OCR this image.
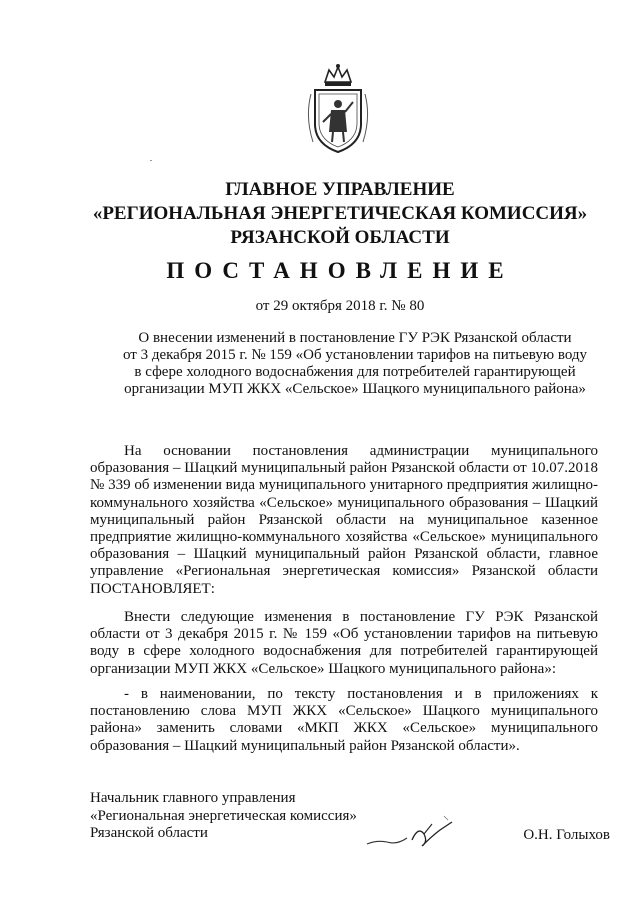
ГЛАВНОЕ УПРАВЛЕНИЕ
«РЕГИОНАЛЬНАЯ ЭНЕРГЕТИЧЕСКАЯ КОМИССИЯ»
РЯЗАНСКОЙ ОБЛАСТИ
ПОСТАНОВЛЕНИЕ
от 29 октября 2018 г. № 80
О внесении изменений в постановление ГУ РЭК Рязанской области
от 3 декабря 2015 г. № 159 «Об установлении тарифов на питьевую воду
в сфере холодного водоснабжения для потребителей гарантирующей
организации МУП ЖКХ «Сельское» Шацкого муниципального района»
На основании постановления администрации муниципального образования – Шацкий муниципальный район Рязанской области от 10.07.2018 № 339 об изменении вида муниципального унитарного предприятия жилищно-коммунального хозяйства «Сельское» муниципального образования – Шацкий муниципальный район Рязанской области на муниципальное казенное предприятие жилищно-коммунального хозяйства «Сельское» муниципального образования – Шацкий муниципальный район Рязанской области, главное управление «Региональная энергетическая комиссия» Рязанской области ПОСТАНОВЛЯЕТ:
Внести следующие изменения в постановление ГУ РЭК Рязанской области от 3 декабря 2015 г. № 159 «Об установлении тарифов на питьевую воду в сфере холодного водоснабжения для потребителей гарантирующей организации МУП ЖКХ «Сельское» Шацкого муниципального района»:
- в наименовании, по тексту постановления и в приложениях к постановлению слова МУП ЖКХ «Сельское» Шацкого муниципального района» заменить словами «МКП ЖКХ «Сельское» муниципального образования – Шацкий муниципальный район Рязанской области».
Начальник главного управления
«Региональная энергетическая комиссия»
Рязанской области	О.Н. Голыхов
